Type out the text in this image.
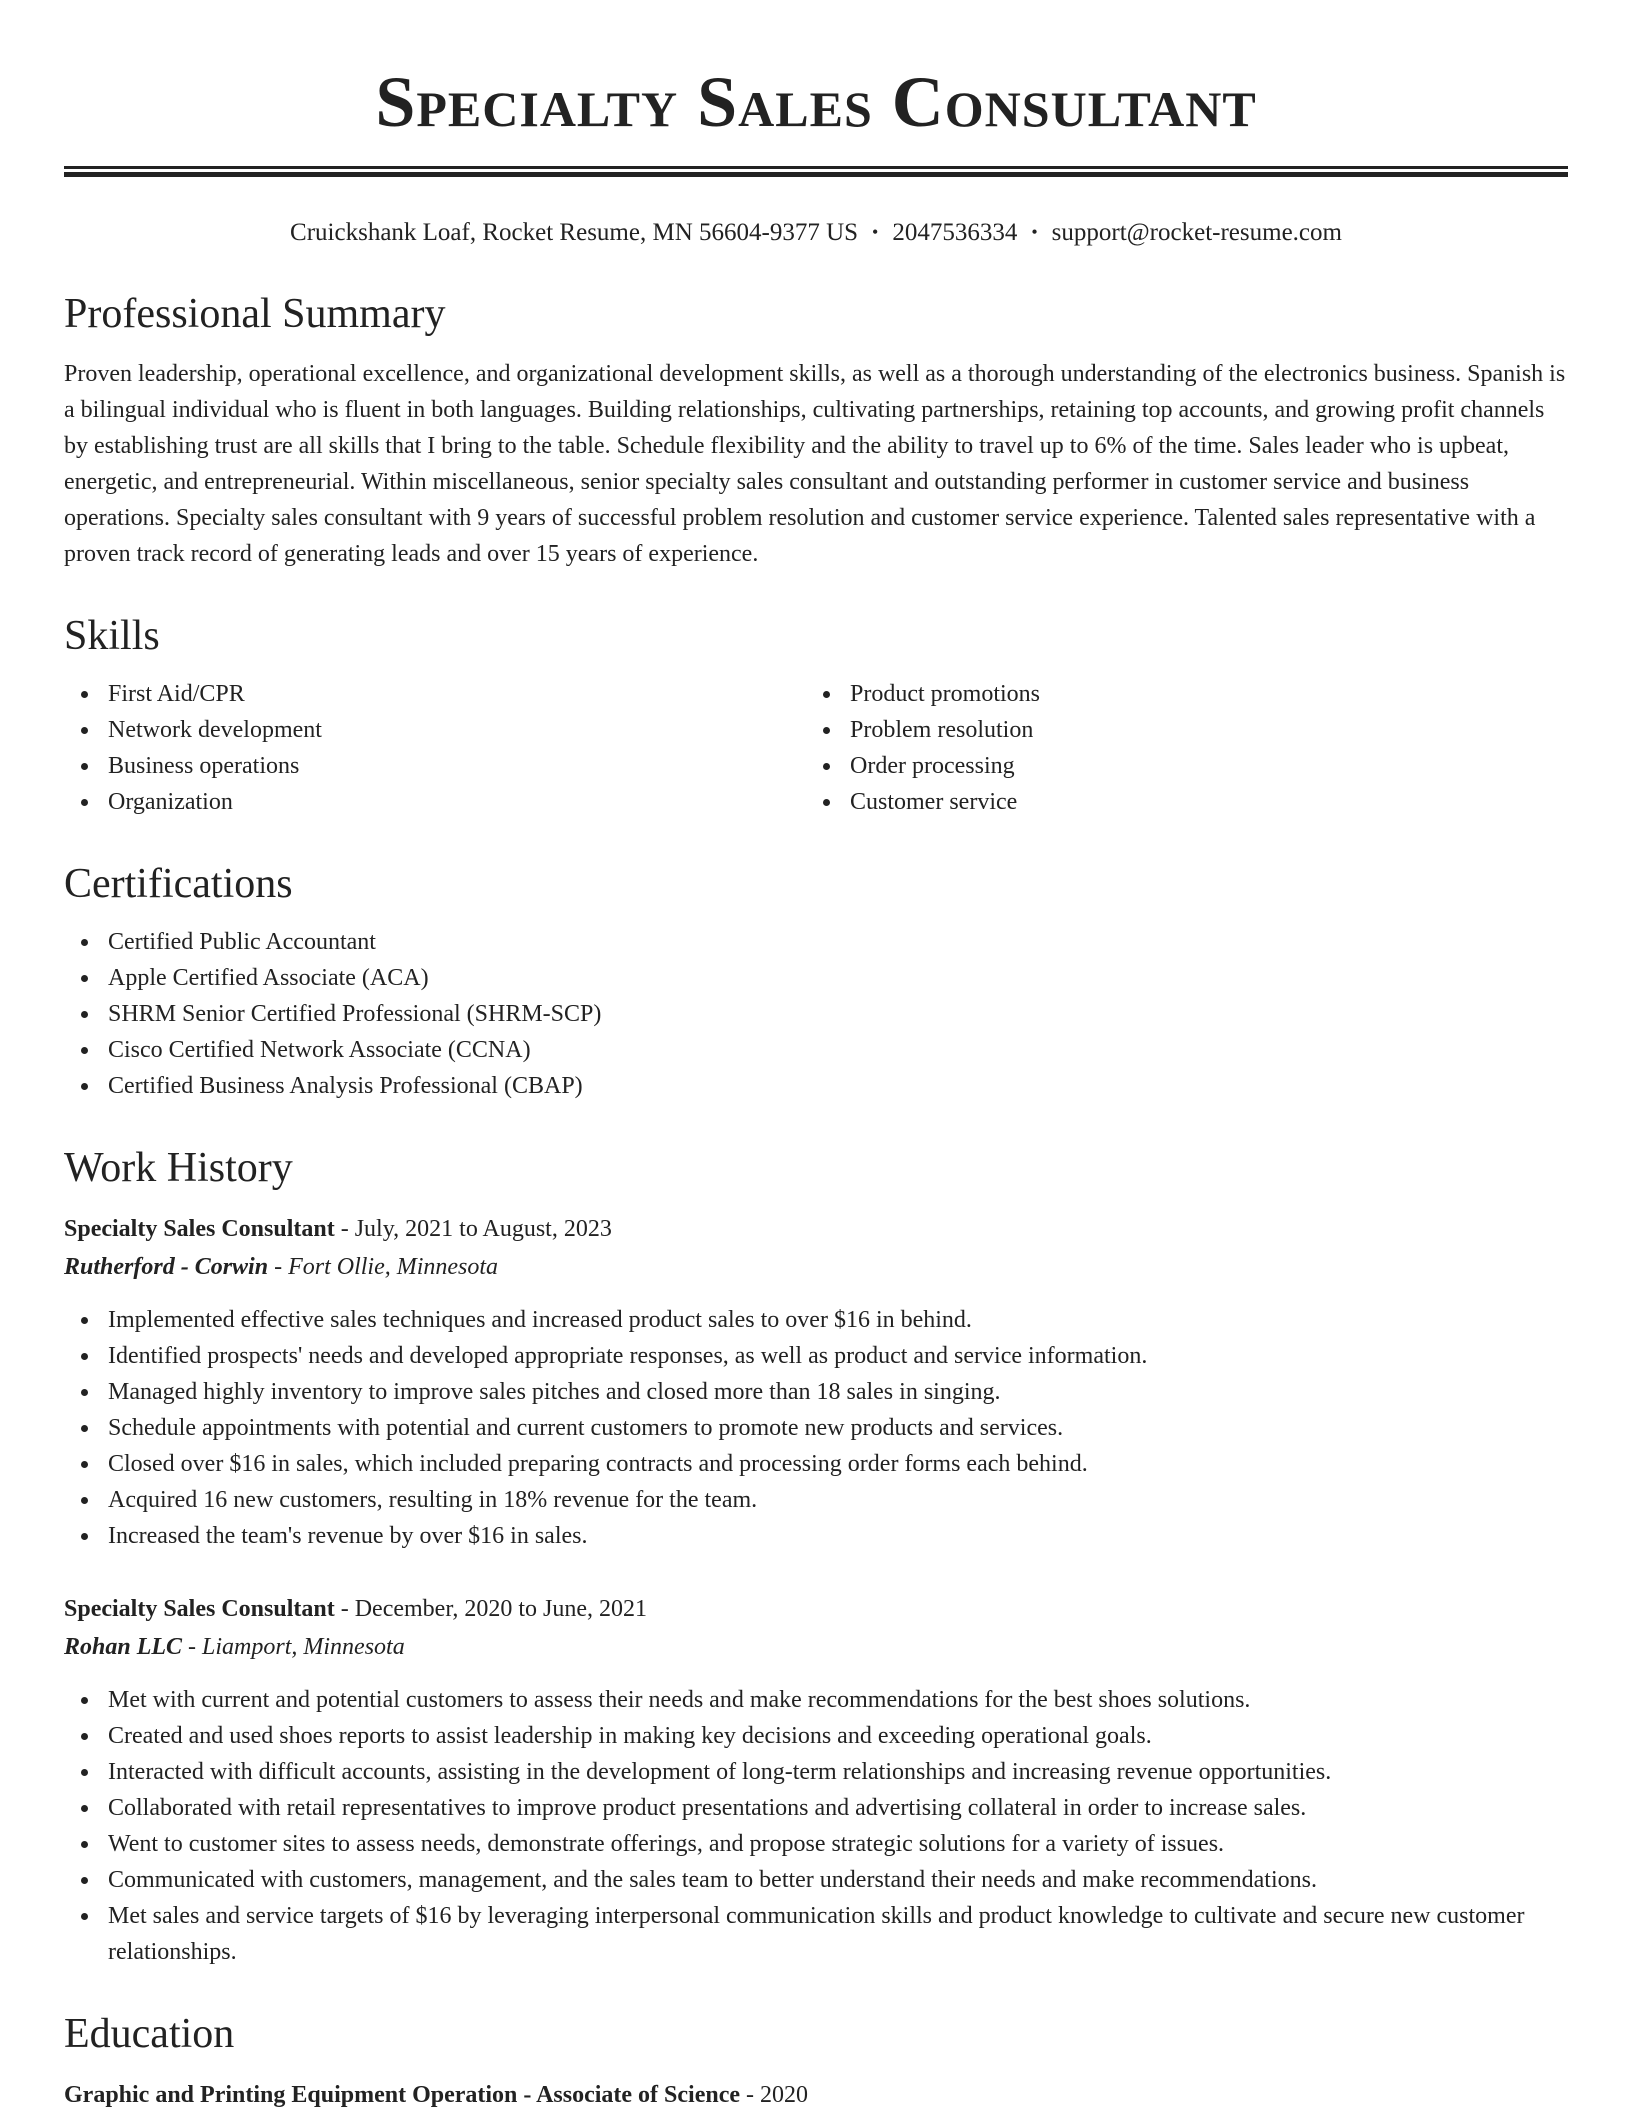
Specialty Sales Consultant
Cruickshank Loaf, Rocket Resume, MN 56604-9377 US • 2047536334 • support@rocket-resume.com
Professional Summary
Proven leadership, operational excellence, and organizational development skills, as well as a thorough understanding of the electronics business. Spanish is a bilingual individual who is fluent in both languages. Building relationships, cultivating partnerships, retaining top accounts, and growing profit channels by establishing trust are all skills that I bring to the table. Schedule flexibility and the ability to travel up to 6% of the time. Sales leader who is upbeat, energetic, and entrepreneurial. Within miscellaneous, senior specialty sales consultant and outstanding performer in customer service and business operations. Specialty sales consultant with 9 years of successful problem resolution and customer service experience. Talented sales representative with a proven track record of generating leads and over 15 years of experience.
Skills
First Aid/CPR
Network development
Business operations
Organization
Product promotions
Problem resolution
Order processing
Customer service
Certifications
Certified Public Accountant
Apple Certified Associate (ACA)
SHRM Senior Certified Professional (SHRM-SCP)
Cisco Certified Network Associate (CCNA)
Certified Business Analysis Professional (CBAP)
Work History
Specialty Sales Consultant - July, 2021 to August, 2023
Rutherford - Corwin - Fort Ollie, Minnesota
Implemented effective sales techniques and increased product sales to over $16 in behind.
Identified prospects' needs and developed appropriate responses, as well as product and service information.
Managed highly inventory to improve sales pitches and closed more than 18 sales in singing.
Schedule appointments with potential and current customers to promote new products and services.
Closed over $16 in sales, which included preparing contracts and processing order forms each behind.
Acquired 16 new customers, resulting in 18% revenue for the team.
Increased the team's revenue by over $16 in sales.
Specialty Sales Consultant - December, 2020 to June, 2021
Rohan LLC - Liamport, Minnesota
Met with current and potential customers to assess their needs and make recommendations for the best shoes solutions.
Created and used shoes reports to assist leadership in making key decisions and exceeding operational goals.
Interacted with difficult accounts, assisting in the development of long-term relationships and increasing revenue opportunities.
Collaborated with retail representatives to improve product presentations and advertising collateral in order to increase sales.
Went to customer sites to assess needs, demonstrate offerings, and propose strategic solutions for a variety of issues.
Communicated with customers, management, and the sales team to better understand their needs and make recommendations.
Met sales and service targets of $16 by leveraging interpersonal communication skills and product knowledge to cultivate and secure new customer relationships.
Education
Graphic and Printing Equipment Operation - Associate of Science - 2020
